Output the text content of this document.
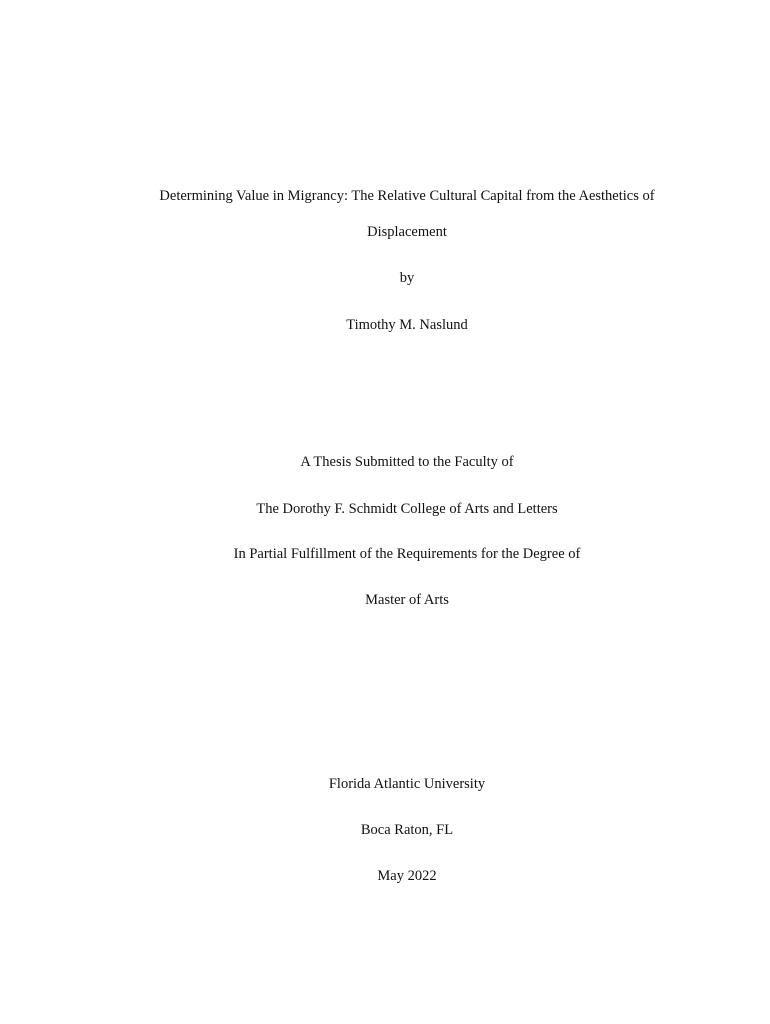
Determining Value in Migrancy: The Relative Cultural Capital from the Aesthetics of
Displacement
by
Timothy M. Naslund
A Thesis Submitted to the Faculty of
The Dorothy F. Schmidt College of Arts and Letters
In Partial Fulfillment of the Requirements for the Degree of
Master of Arts
Florida Atlantic University
Boca Raton, FL
May 2022
